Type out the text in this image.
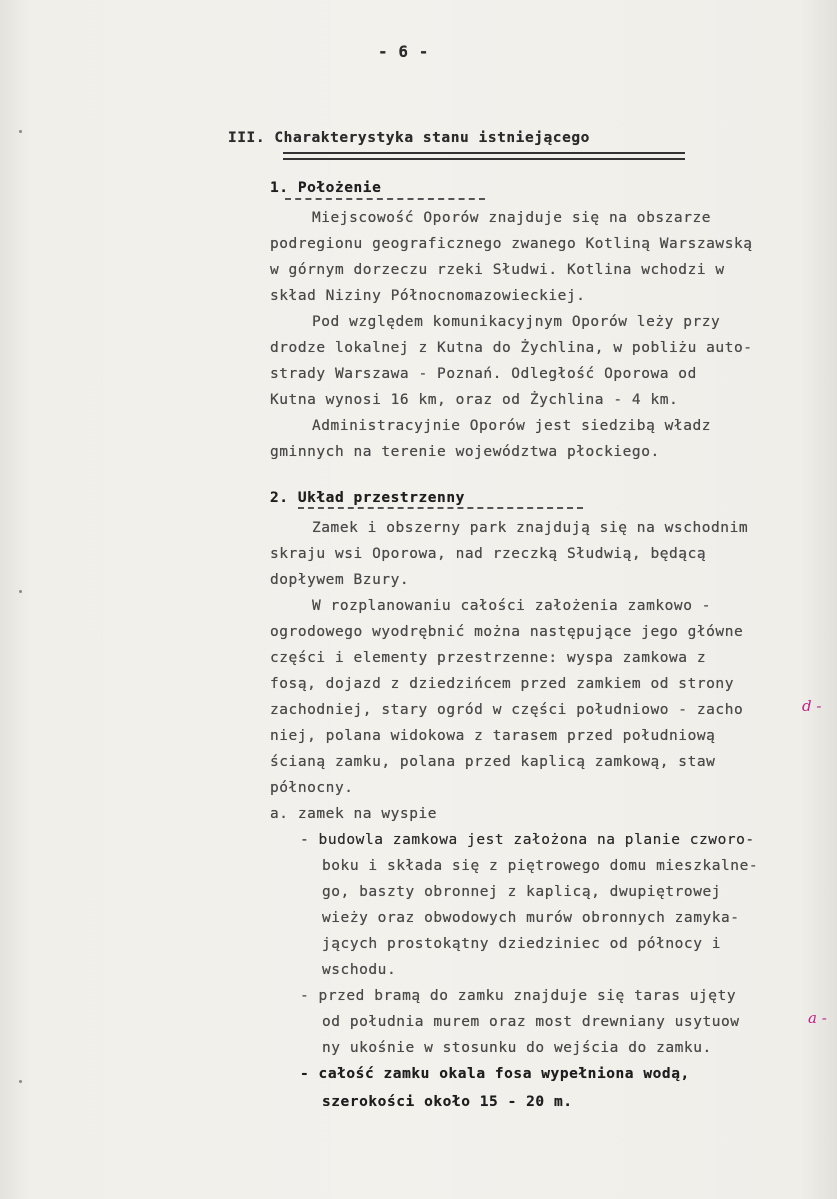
- 6 -
III. Charakterystyka stanu istniejącego
1. Położenie
Miejscowość Oporów znajduje się na obszarze
podregionu geograficznego zwanego Kotliną Warszawską
w górnym dorzeczu rzeki Słudwi. Kotlina wchodzi w
skład Niziny Północnomazowieckiej.
Pod względem komunikacyjnym Oporów leży przy
drodze lokalnej z Kutna do Żychlina, w pobliżu auto-
strady Warszawa - Poznań. Odległość Oporowa od
Kutna wynosi 16 km, oraz od Żychlina - 4 km.
Administracyjnie Oporów jest siedzibą władz
gminnych na terenie województwa płockiego.
2. Układ przestrzenny
Zamek i obszerny park znajdują się na wschodnim
skraju wsi Oporowa, nad rzeczką Słudwią, będącą
dopływem Bzury.
W rozplanowaniu całości założenia zamkowo -
ogrodowego wyodrębnić można następujące jego główne
części i elementy przestrzenne: wyspa zamkowa z
fosą, dojazd z dziedzińcem przed zamkiem od strony
zachodniej, stary ogród w części południowo - zacho
niej, polana widokowa z tarasem przed południową
ścianą zamku, polana przed kaplicą zamkową, staw
północny.
a. zamek na wyspie
- budowla zamkowa jest założona na planie czworo-
boku i składa się z piętrowego domu mieszkalne-
go, baszty obronnej z kaplicą, dwupiętrowej
wieży oraz obwodowych murów obronnych zamyka-
jących prostokątny dziedziniec od północy i
wschodu.
- przed bramą do zamku znajduje się taras ujęty
od południa murem oraz most drewniany usytuow
ny ukośnie w stosunku do wejścia do zamku.
- całość zamku okala fosa wypełniona wodą,
szerokości około 15 - 20 m.
d -
a -
